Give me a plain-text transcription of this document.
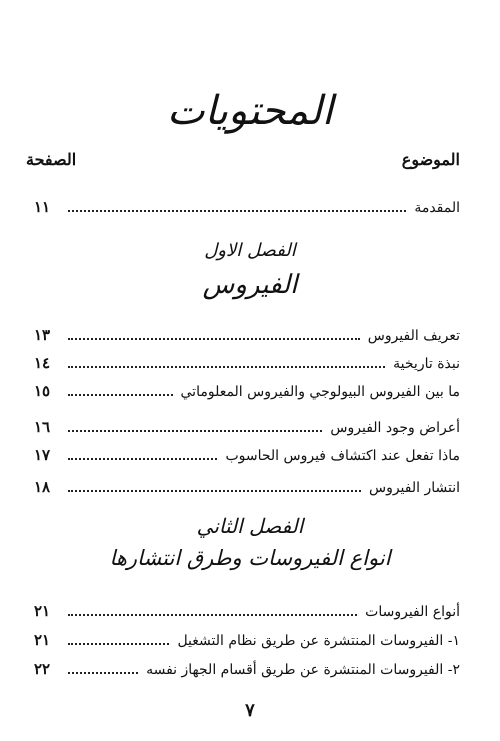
المحتويات
الموضوع
الصفحة
المقدمة
١١
الفصل الاول
الفيروس
تعريف الفيروس
١٣
نبذة تاريخية
١٤
ما بين الفيروس البيولوجي والفيروس المعلوماتي
١٥
أعراض وجود الفيروس
١٦
ماذا تفعل عند اكتشاف فيروس الحاسوب
١٧
انتشار الفيروس
١٨
الفصل الثاني
انواع الفيروسات وطرق انتشارها
أنواع الفيروسات
٢١
١- الفيروسات المنتشرة عن طريق نظام التشغيل
٢١
٢- الفيروسات المنتشرة عن طريق أقسام الجهاز نفسه
٢٢
٧
